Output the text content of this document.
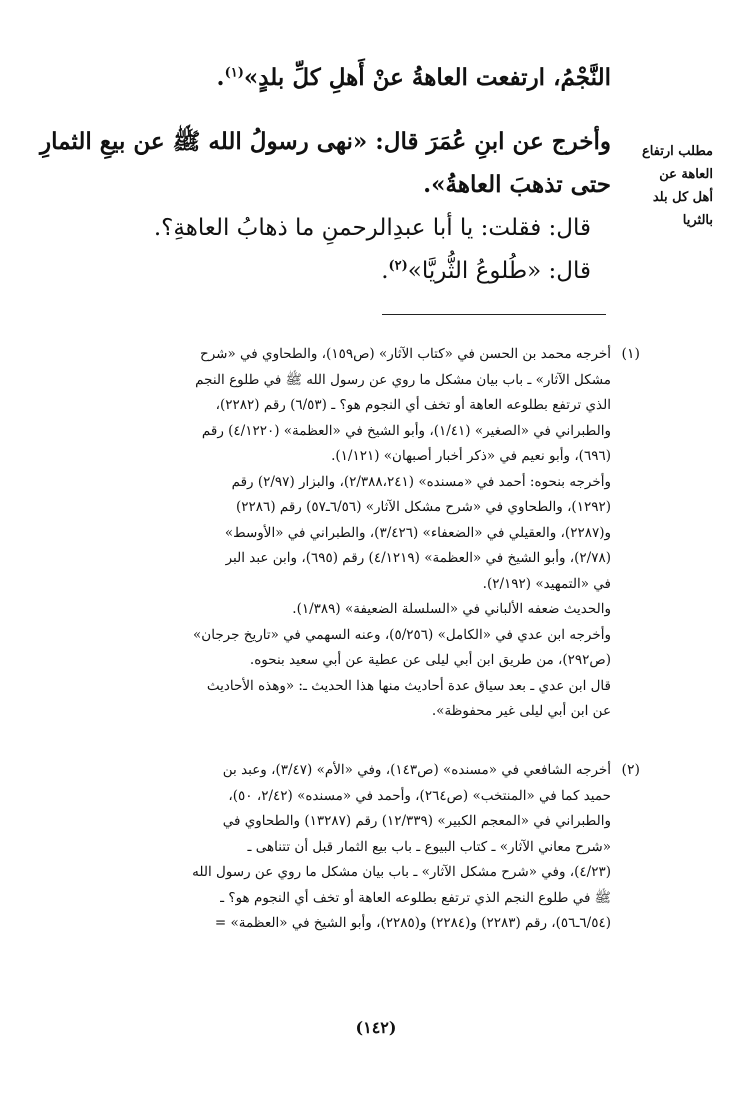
النَّجْمُ، ارتفعت العاهةُ عنْ أَهلِ كلِّ بلدٍ»$^{(١)}$.
وأخرج عن ابنِ عُمَرَ قال: «نهى رسولُ الله ﷺ عن بيعِ الثمارِ
حتى تذهبَ العاهةُ».
قال: فقلت: يا أبا عبدِالرحمنِ ما ذهابُ العاهةِ؟.
قال: «طُلوعُ الثُّريَّا»$^{(٢)}$.
مطلب ارتفاع
العاهة عن
أهل كل بلد
بالثريا
(١)
أخرجه محمد بن الحسن في «كتاب الآثار» (ص١٥٩)، والطحاوي في «شرح
مشكل الآثار» ـ باب بيان مشكل ما روي عن رسول الله ﷺ في طلوع النجم
الذي ترتفع بطلوعه العاهة أو تخف أي النجوم هو؟ ـ (٦/٥٣) رقم (٢٢٨٢)،
والطبراني في «الصغير» (١/٤١)، وأبو الشيخ في «العظمة» (٤/١٢٢٠) رقم
(٦٩٦)، وأبو نعيم في «ذكر أخبار أصبهان» (١/١٢١).
وأخرجه بنحوه: أحمد في «مسنده» (٢/٣٨٨،٢٤١)، والبزار (٢/٩٧) رقم
(١٢٩٢)، والطحاوي في «شرح مشكل الآثار» (٦/٥٦ـ٥٧) رقم (٢٢٨٦)
و(٢٢٨٧)، والعقيلي في «الضعفاء» (٣/٤٢٦)، والطبراني في «الأوسط»
(٢/٧٨)، وأبو الشيخ في «العظمة» (٤/١٢١٩) رقم (٦٩٥)، وابن عبد البر
في «التمهيد» (٢/١٩٢).
والحديث ضعفه الألباني في «السلسلة الضعيفة» (١/٣٨٩).
وأخرجه ابن عدي في «الكامل» (٥/٢٥٦)، وعنه السهمي في «تاريخ جرجان»
(ص٢٩٢)، من طريق ابن أبي ليلى عن عطية عن أبي سعيد بنحوه.
قال ابن عدي ـ بعد سياق عدة أحاديث منها هذا الحديث ـ: «وهذه الأحاديث
عن ابن أبي ليلى غير محفوظة».
(٢)
أخرجه الشافعي في «مسنده» (ص١٤٣)، وفي «الأم» (٣/٤٧)، وعبد بن
حميد كما في «المنتخب» (ص٢٦٤)، وأحمد في «مسنده» (٢/٤٢، ٥٠)،
والطبراني في «المعجم الكبير» (١٢/٣٣٩) رقم (١٣٢٨٧) والطحاوي في
«شرح معاني الآثار» ـ كتاب البيوع ـ باب بيع الثمار قبل أن تتناهى ـ
(٤/٢٣)، وفي «شرح مشكل الآثار» ـ باب بيان مشكل ما روي عن رسول الله
ﷺ في طلوع النجم الذي ترتفع بطلوعه العاهة أو تخف أي النجوم هو؟ ـ
(٦/٥٤ـ٥٦)، رقم (٢٢٨٣) و(٢٢٨٤) و(٢٢٨٥)، وأبو الشيخ في «العظمة» =
(١٤٢)
